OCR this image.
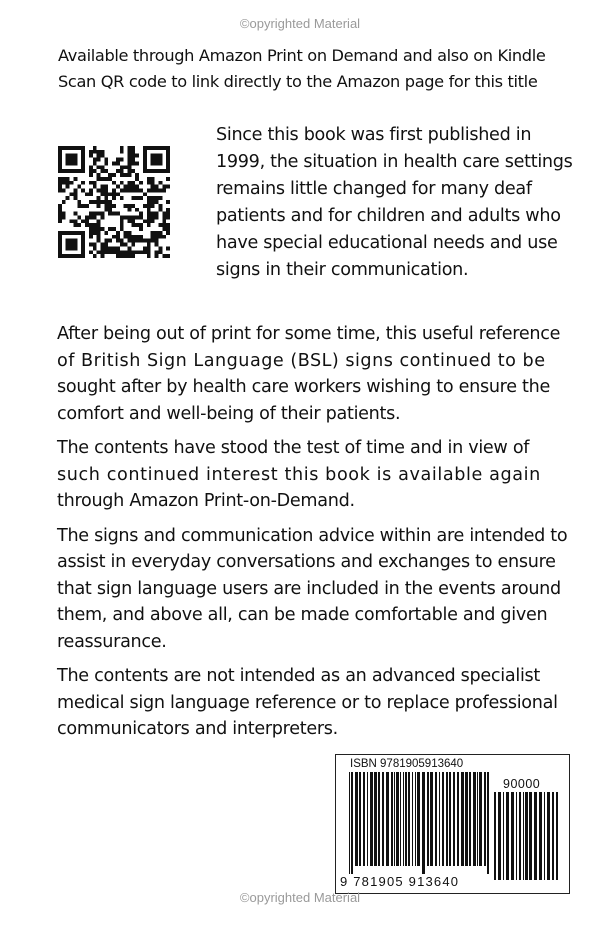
©opyrighted Material
Available through Amazon Print on Demand and also on Kindle
Scan QR code to link directly to the Amazon page for this title
Since this book was first published in
1999, the situation in health care settings
remains little changed for many deaf
patients and for children and adults who
have special educational needs and use
signs in their communication.

After being out of print for some time, this useful reference
of British Sign Language (BSL) signs continued to be
sought after by health care workers wishing to ensure the
comfort and well-being of their patients.

The contents have stood the test of time and in view of
such continued interest this book is available again
through Amazon Print-on-Demand.

The signs and communication advice within are intended to
assist in everyday conversations and exchanges to ensure
that sign language users are included in the events around
them, and above all, can be made comfortable and given
reassurance.

The contents are not intended as an advanced specialist
medical sign language reference or to replace professional
communicators and interpreters.

ISBN 9781905913640
90000
9 781905 913640
©opyrighted Material
